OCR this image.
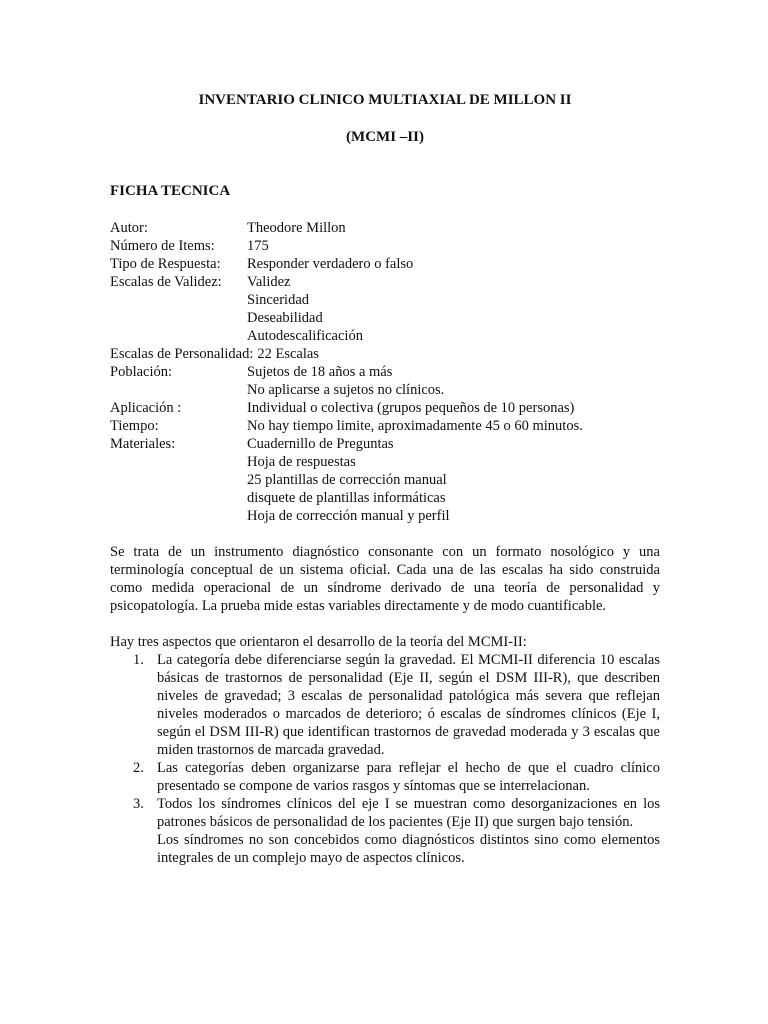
INVENTARIO CLINICO MULTIAXIAL DE MILLON II

(MCMI –II)

FICHA TECNICA

Autor:	Theodore Millon
Número de Items:	175
Tipo de Respuesta:	Responder verdadero o falso
Escalas de Validez:	Validez
Sinceridad
Deseabilidad
Autodescalificación
Escalas de Personalidad: 22 Escalas
Población:	Sujetos de 18 años a más
No aplicarse a sujetos no clínicos.
Aplicación :	Individual o colectiva (grupos pequeños de 10 personas)
Tiempo:	No hay tiempo limite, aproximadamente 45 o 60 minutos.
Materiales:	Cuadernillo de Preguntas
Hoja de respuestas
25 plantillas de corrección manual
disquete de plantillas informáticas
Hoja de corrección manual y perfil

Se trata de un instrumento diagnóstico consonante con un formato nosológico y una terminología conceptual de un sistema oficial. Cada una de las escalas ha sido construida como medida operacional de un síndrome derivado de una teoría de personalidad y psicopatología. La prueba mide estas variables directamente y de modo cuantificable.

Hay tres aspectos que orientaron el desarrollo de la teoría del MCMI-II:

1. La categoría debe diferenciarse según la gravedad. El MCMI-II diferencia 10 escalas básicas de trastornos de personalidad (Eje II, según el DSM III-R), que describen niveles de gravedad; 3 escalas de personalidad patológica más severa que reflejan niveles moderados o marcados de deterioro; ó escalas de síndromes clínicos (Eje I, según el DSM III-R) que identifican trastornos de gravedad moderada y 3 escalas que miden trastornos de marcada gravedad.
2. Las categorías deben organizarse para reflejar el hecho de que el cuadro clínico presentado se compone de varios rasgos y síntomas que se interrelacionan.
3. Todos los síndromes clínicos del eje I se muestran como desorganizaciones en los patrones básicos de personalidad de los pacientes (Eje II) que surgen bajo tensión.
Los síndromes no son concebidos como diagnósticos distintos sino como elementos integrales de un complejo mayo de aspectos clínicos.
